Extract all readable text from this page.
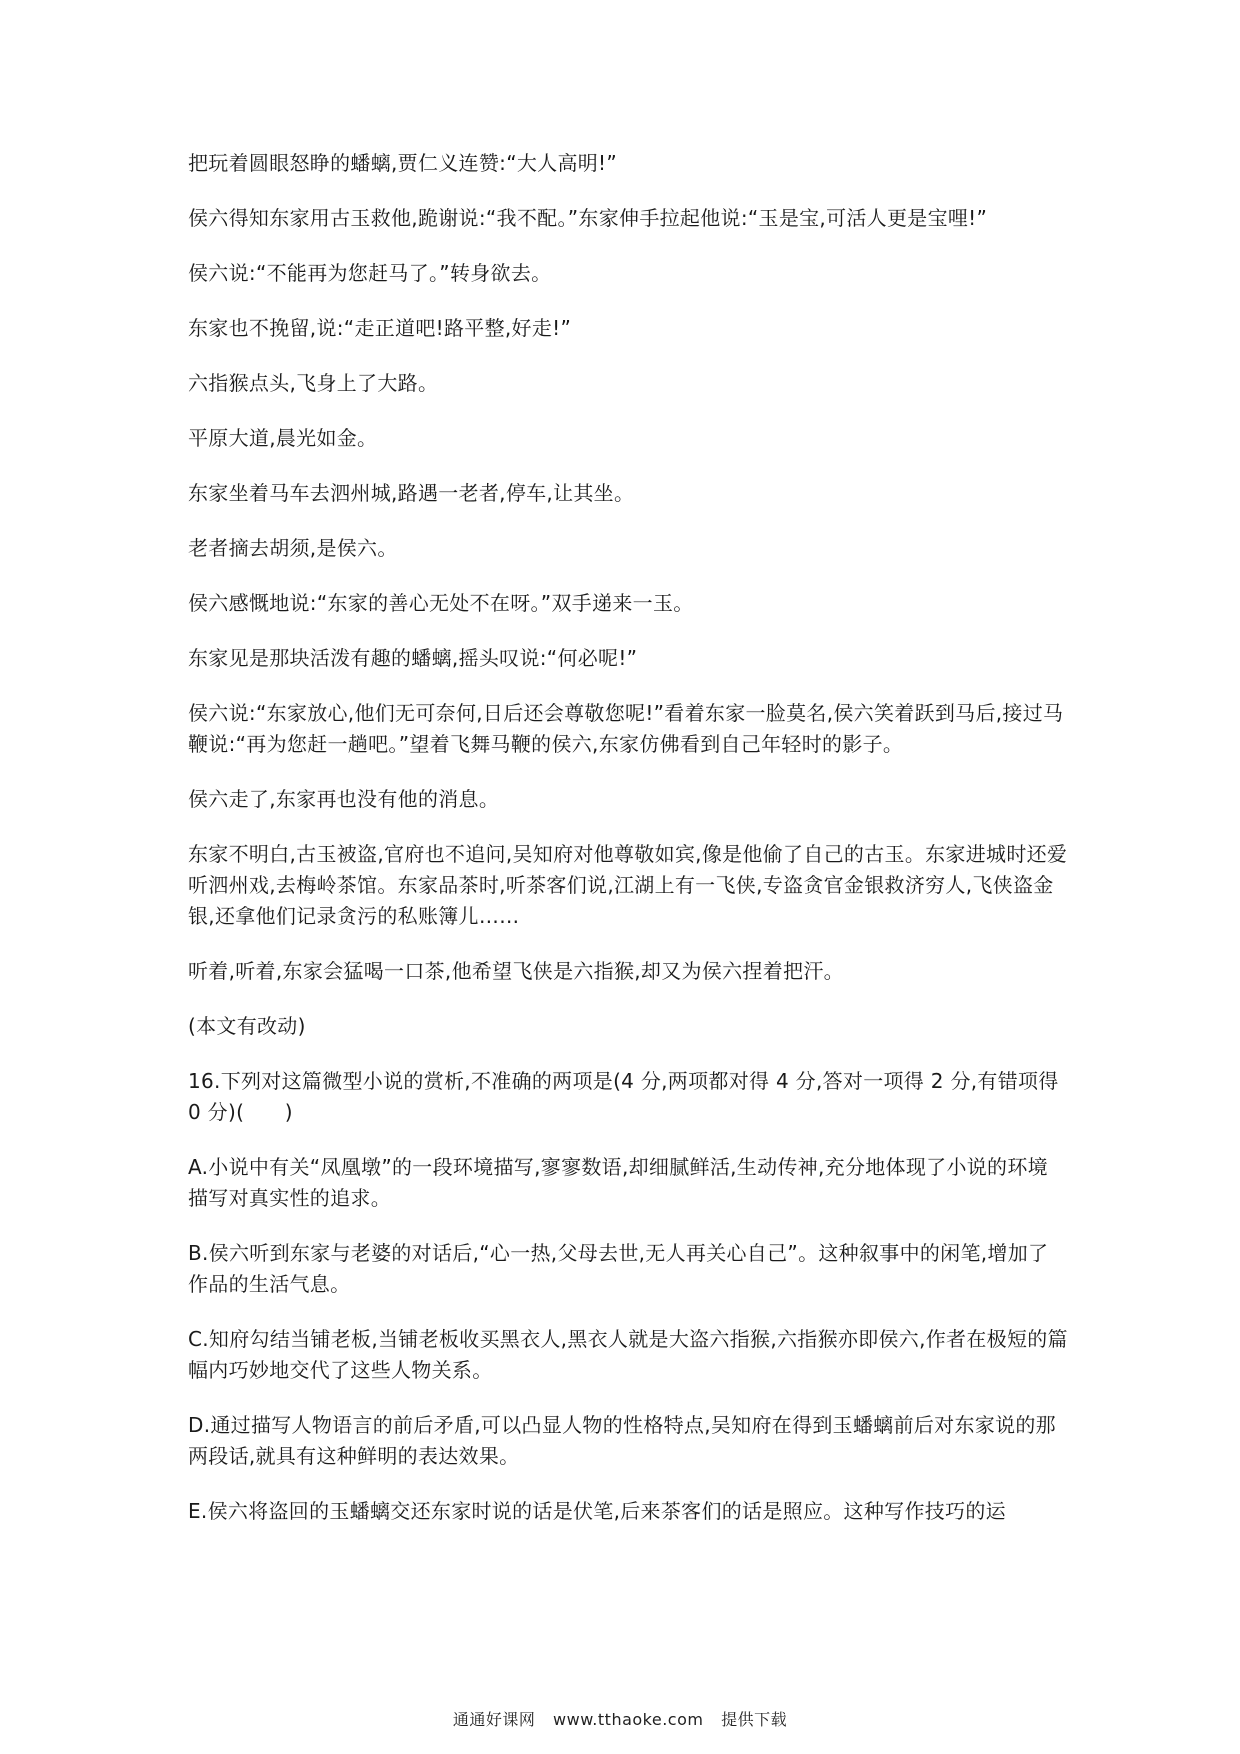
把玩着圆眼怒睁的蟠螭,贾仁义连赞:“大人高明!”

侯六得知东家用古玉救他,跪谢说:“我不配。”东家伸手拉起他说:“玉是宝,可活人更是宝哩!”

侯六说:“不能再为您赶马了。”转身欲去。

东家也不挽留,说:“走正道吧!路平整,好走!”

六指猴点头,飞身上了大路。

平原大道,晨光如金。

东家坐着马车去泗州城,路遇一老者,停车,让其坐。

老者摘去胡须,是侯六。

侯六感慨地说:“东家的善心无处不在呀。”双手递来一玉。

东家见是那块活泼有趣的蟠螭,摇头叹说:“何必呢!”

侯六说:“东家放心,他们无可奈何,日后还会尊敬您呢!”看着东家一脸莫名,侯六笑着跃到马后,接过马鞭说:“再为您赶一趟吧。”望着飞舞马鞭的侯六,东家仿佛看到自己年轻时的影子。

侯六走了,东家再也没有他的消息。

东家不明白,古玉被盗,官府也不追问,吴知府对他尊敬如宾,像是他偷了自己的古玉。东家进城时还爱听泗州戏,去梅岭茶馆。东家品茶时,听茶客们说,江湖上有一飞侠,专盗贪官金银救济穷人,飞侠盗金银,还拿他们记录贪污的私账簿儿……

听着,听着,东家会猛喝一口茶,他希望飞侠是六指猴,却又为侯六捏着把汗。

(本文有改动)

16.下列对这篇微型小说的赏析,不准确的两项是(4 分,两项都对得 4 分,答对一项得 2 分,有错项得 0 分)(　　)

A.小说中有关“凤凰墩”的一段环境描写,寥寥数语,却细腻鲜活,生动传神,充分地体现了小说的环境描写对真实性的追求。

B.侯六听到东家与老婆的对话后,“心一热,父母去世,无人再关心自己”。这种叙事中的闲笔,增加了作品的生活气息。

C.知府勾结当铺老板,当铺老板收买黑衣人,黑衣人就是大盗六指猴,六指猴亦即侯六,作者在极短的篇幅内巧妙地交代了这些人物关系。

D.通过描写人物语言的前后矛盾,可以凸显人物的性格特点,吴知府在得到玉蟠螭前后对东家说的那两段话,就具有这种鲜明的表达效果。

E.侯六将盗回的玉蟠螭交还东家时说的话是伏笔,后来茶客们的话是照应。这种写作技巧的运

通通好课网 www.tthaoke.com 提供下载
